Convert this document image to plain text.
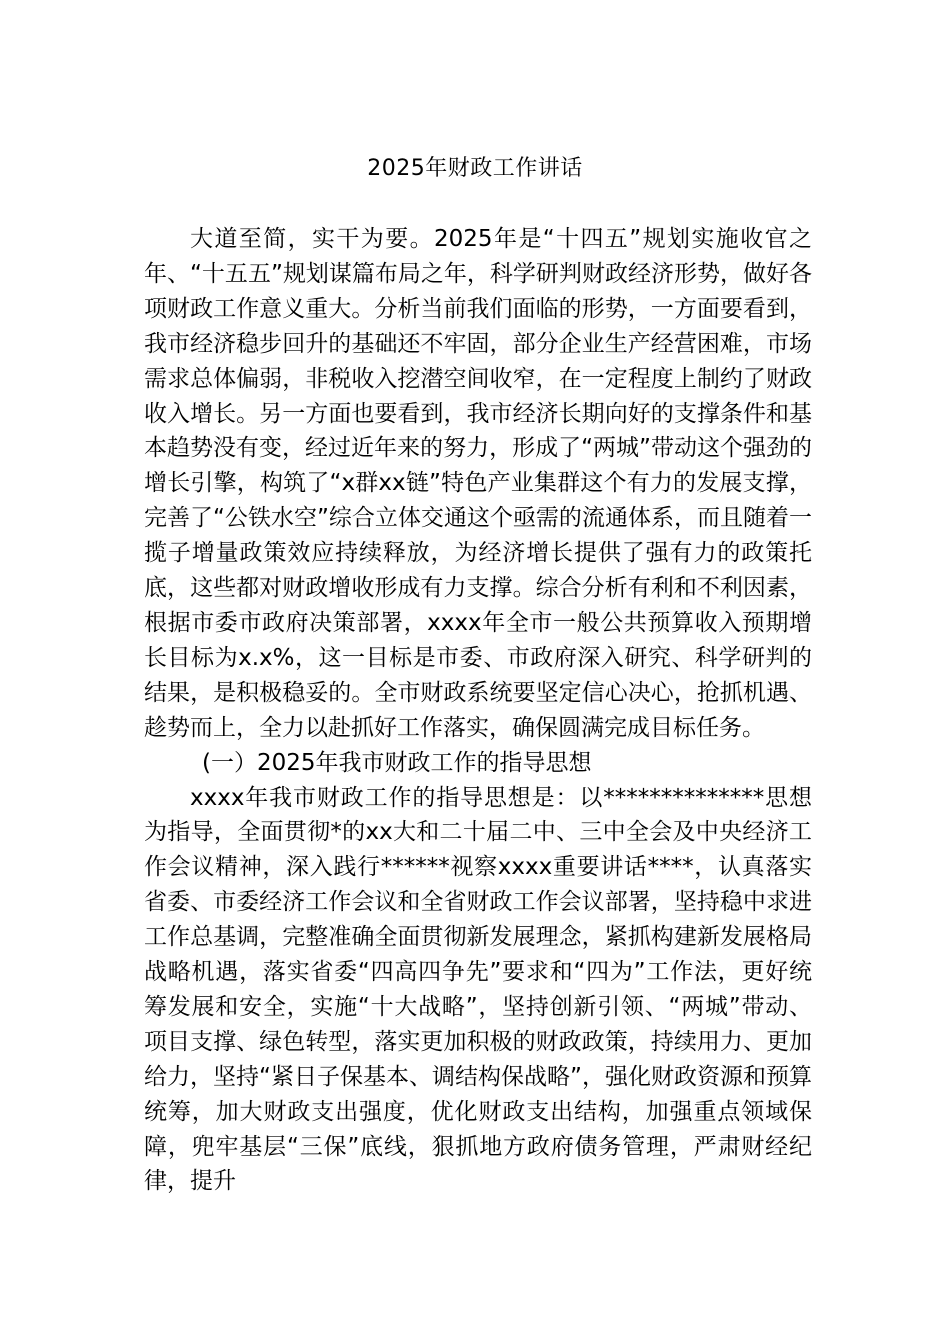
2025年财政工作讲话

大道至简，实干为要。2025年是“十四五”规划实施收官之年、“十五五”规划谋篇布局之年，科学研判财政经济形势，做好各项财政工作意义重大。分析当前我们面临的形势，一方面要看到，我市经济稳步回升的基础还不牢固，部分企业生产经营困难，市场需求总体偏弱，非税收入挖潜空间收窄，在一定程度上制约了财政收入增长。另一方面也要看到，我市经济长期向好的支撑条件和基本趋势没有变，经过近年来的努力，形成了“两城”带动这个强劲的增长引擎，构筑了“x群xx链”特色产业集群这个有力的发展支撑，完善了“公铁水空”综合立体交通这个亟需的流通体系，而且随着一揽子增量政策效应持续释放，为经济增长提供了强有力的政策托底，这些都对财政增收形成有力支撑。综合分析有利和不利因素，根据市委市政府决策部署，xxxx年全市一般公共预算收入预期增长目标为x.x%，这一目标是市委、市政府深入研究、科学研判的结果，是积极稳妥的。全市财政系统要坚定信心决心，抢抓机遇、趁势而上，全力以赴抓好工作落实，确保圆满完成目标任务。

(一）2025年我市财政工作的指导思想

xxxx年我市财政工作的指导思想是：以**************思想为指导，全面贯彻*的xx大和二十届二中、三中全会及中央经济工作会议精神，深入践行******视察xxxx重要讲话****，认真落实省委、市委经济工作会议和全省财政工作会议部署，坚持稳中求进工作总基调，完整准确全面贯彻新发展理念，紧抓构建新发展格局战略机遇，落实省委“四高四争先”要求和“四为”工作法，更好统筹发展和安全，实施“十大战略”，坚持创新引领、“两城”带动、项目支撑、绿色转型，落实更加积极的财政政策，持续用力、更加给力，坚持“紧日子保基本、调结构保战略”，强化财政资源和预算统筹，加大财政支出强度，优化财政支出结构，加强重点领域保障，兜牢基层“三保”底线，狠抓地方政府债务管理，严肃财经纪律，提升
